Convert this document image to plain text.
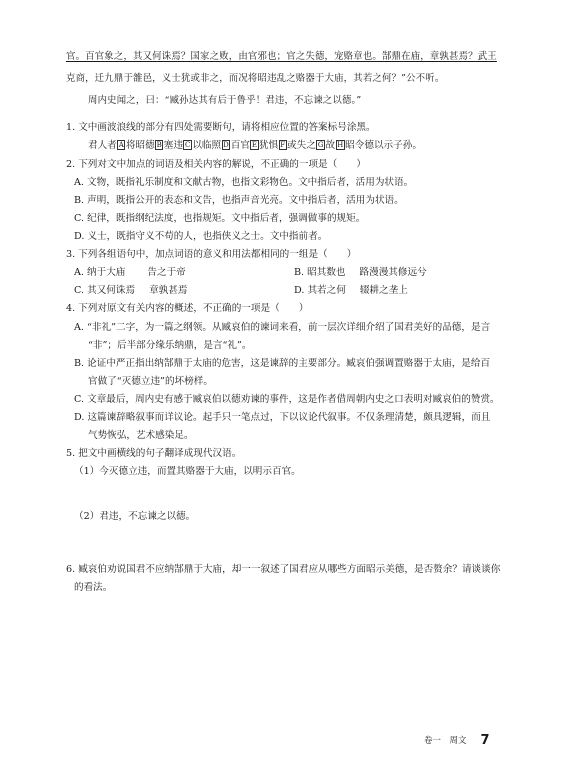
官。百官象之，其又何诛焉？国家之败，由官邪也；官之失德，宠赂章也。郜鼎在庙，章孰甚焉？武王
克商，迁九鼎于雒邑，义士犹或非之，而况将昭违乱之赂器于大庙，其若之何？”公不听。
周内史闻之，曰：“臧孙达其有后于鲁乎！君违，不忘谏之以德。”
1. 文中画波浪线的部分有四处需要断句，请将相应位置的答案标号涂黑。
君人者 A 将昭德 B 塞违 C 以临照 D 百官 E 犹惧 F 或失之 G 故 H 昭令德以示子孙。
2. 下列对文中加点的词语及相关内容的解说，不正确的一项是（　　）
A. 文物，既指礼乐制度和文献古物，也指文彩物色。文中指后者，活用为状语。
B. 声明，既指公开的表态和文告，也指声音光亮。文中指后者，活用为状语。
C. 纪律，既指纲纪法度，也指规矩。文中指后者，强调做事的规矩。
D. 义士，既指守义不苟的人，也指侠义之士。文中指前者。
3. 下列各组语句中，加点词语的意义和用法都相同的一组是（　　）
A. 纳于大庙 告之于帝	B. 昭其数也 路漫漫其修远兮
C. 其又何诛焉 章孰甚焉	D. 其若之何 辍耕之垄上
4. 下列对原文有关内容的概述，不正确的一项是（　　）
A. “非礼”二字，为一篇之纲领。从臧哀伯的谏词来看，前一层次详细介绍了国君美好的品德，是言
“非”；后半部分缘乐纳鼎，是言“礼”。
B. 论证中严正指出纳郜鼎于太庙的危害，这是谏辞的主要部分。臧哀伯强调置赂器于太庙，是给百
官做了“灭德立违”的坏榜样。
C. 文章最后，周内史有感于臧哀伯以德劝谏的事件，这是作者借周朝内史之口表明对臧哀伯的赞赏。
D. 这篇谏辞略叙事而详议论。起手只一笔点过，下以议论代叙事。不仅条理清楚，颇具逻辑，而且
气势恢弘，艺术感染足。
5. 把文中画横线的句子翻译成现代汉语。
（1）今灭德立违，而置其赂器于大庙，以明示百官。
（2）君违，不忘谏之以德。
6. 臧哀伯劝说国君不应纳郜鼎于大庙，却一一叙述了国君应从哪些方面昭示美德，是否赘余？请谈谈你
的看法。
卷一　周文 7
